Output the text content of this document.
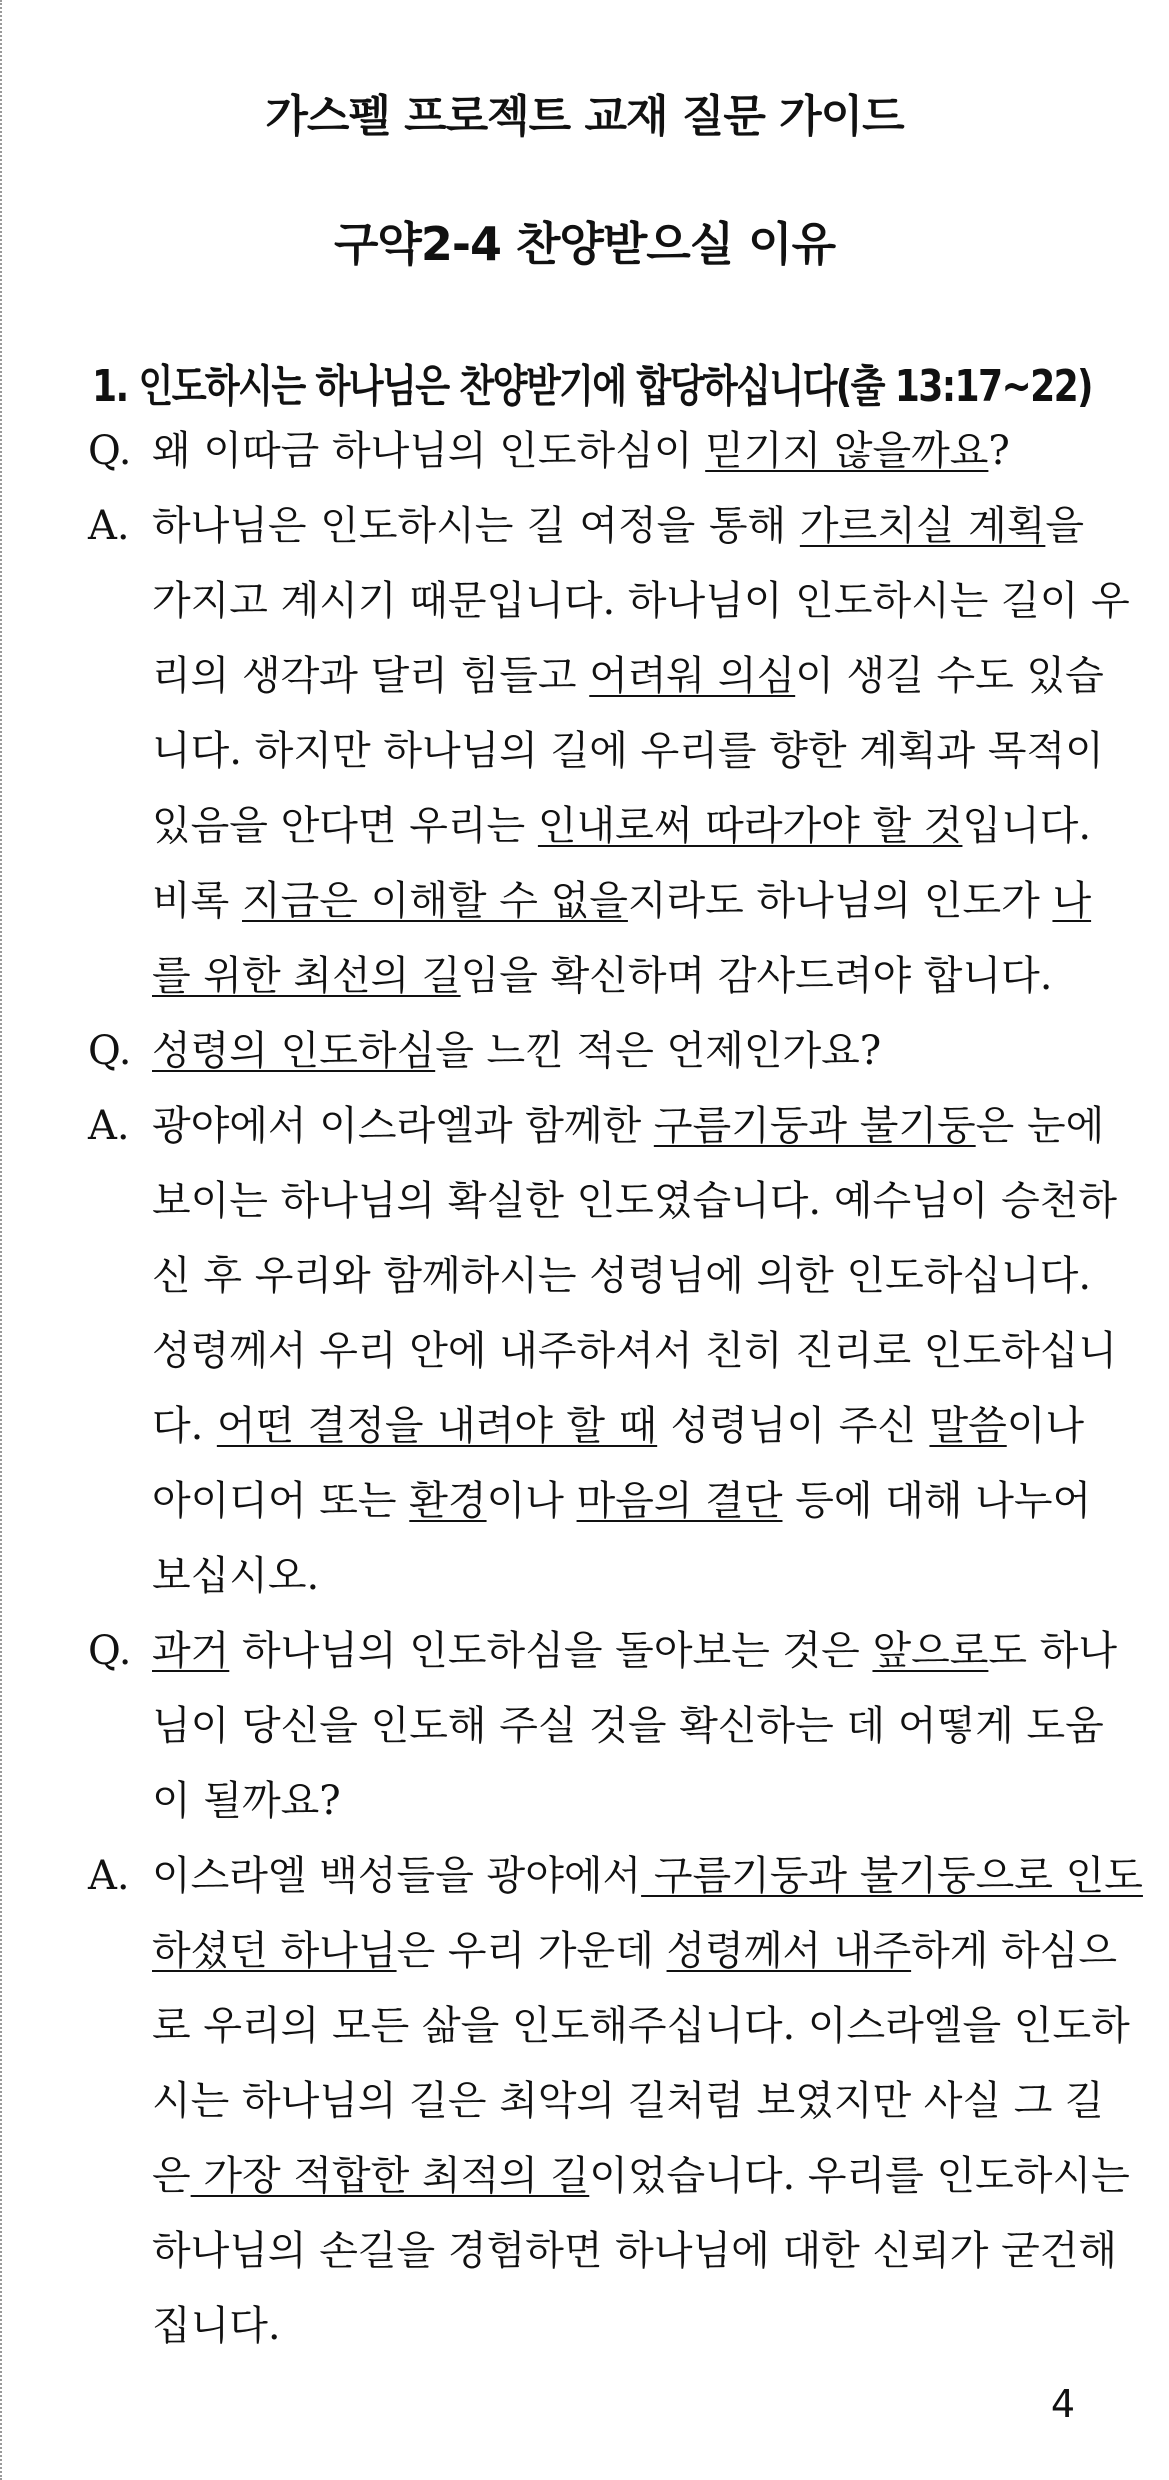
가스펠 프로젝트 교재 질문 가이드
구약2-4 찬양받으실 이유
1. 인도하시는 하나님은 찬양받기에 합당하십니다(출 13:17~22)
Q. 왜 이따금 하나님의 인도하심이 믿기지 않을까요?
A. 하나님은 인도하시는 길 여정을 통해 가르치실 계획을
가지고 계시기 때문입니다. 하나님이 인도하시는 길이 우
리의 생각과 달리 힘들고 어려워 의심이 생길 수도 있습
니다. 하지만 하나님의 길에 우리를 향한 계획과 목적이
있음을 안다면 우리는 인내로써 따라가야 할 것입니다.
비록 지금은 이해할 수 없을지라도 하나님의 인도가 나
를 위한 최선의 길임을 확신하며 감사드려야 합니다.
Q. 성령의 인도하심을 느낀 적은 언제인가요?
A. 광야에서 이스라엘과 함께한 구름기둥과 불기둥은 눈에
보이는 하나님의 확실한 인도였습니다. 예수님이 승천하
신 후 우리와 함께하시는 성령님에 의한 인도하십니다.
성령께서 우리 안에 내주하셔서 친히 진리로 인도하십니
다. 어떤 결정을 내려야 할 때 성령님이 주신 말씀이나
아이디어 또는 환경이나 마음의 결단 등에 대해 나누어
보십시오.
Q. 과거 하나님의 인도하심을 돌아보는 것은 앞으로도 하나
님이 당신을 인도해 주실 것을 확신하는 데 어떻게 도움
이 될까요?
A. 이스라엘 백성들을 광야에서 구름기둥과 불기둥으로 인도
하셨던 하나님은 우리 가운데 성령께서 내주하게 하심으
로 우리의 모든 삶을 인도해주십니다. 이스라엘을 인도하
시는 하나님의 길은 최악의 길처럼 보였지만 사실 그 길
은 가장 적합한 최적의 길이었습니다. 우리를 인도하시는
하나님의 손길을 경험하면 하나님에 대한 신뢰가 굳건해
집니다.
4
